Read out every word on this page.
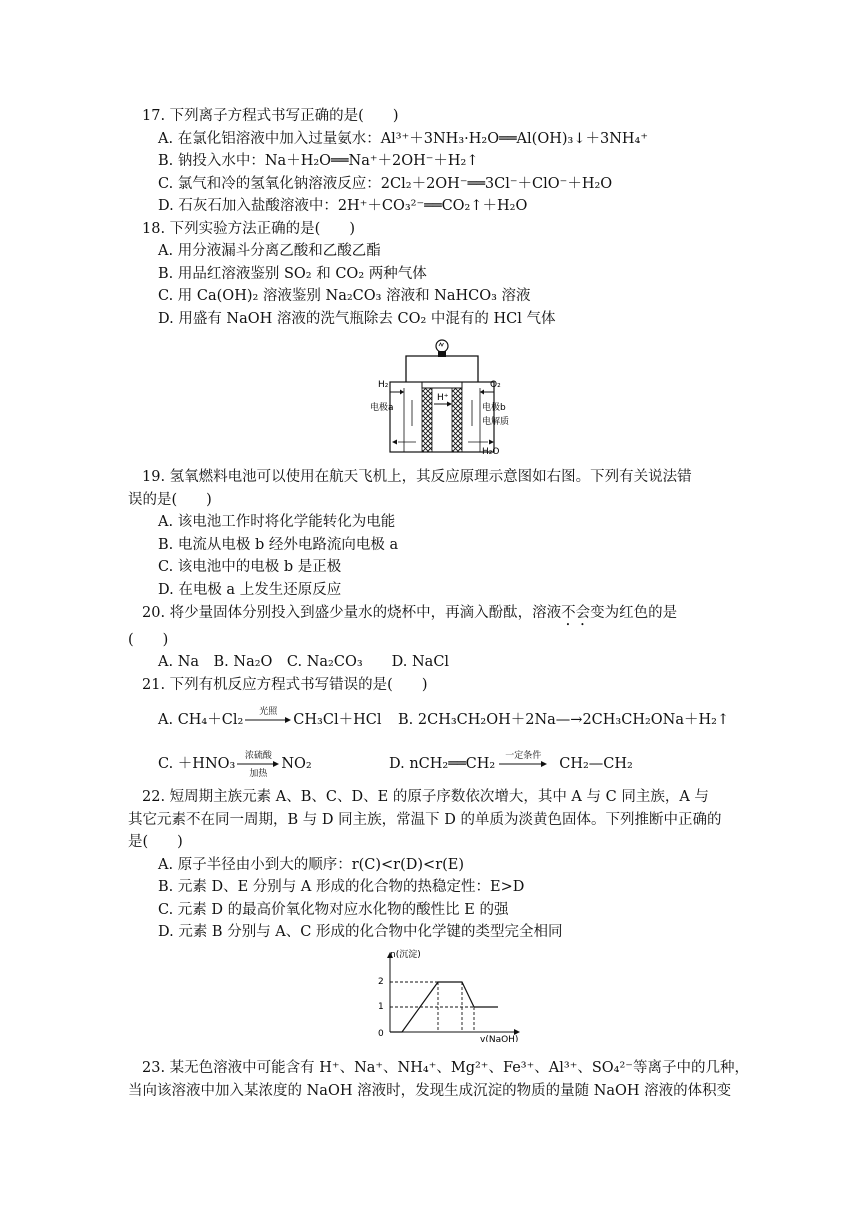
17. 下列离子方程式书写正确的是(　　)
A. 在氯化铝溶液中加入过量氨水：Al³⁺＋3NH₃·H₂O══Al(OH)₃↓＋3NH₄⁺
B. 钠投入水中：Na＋H₂O══Na⁺＋2OH⁻＋H₂↑
C. 氯气和冷的氢氧化钠溶液反应：2Cl₂＋2OH⁻══3Cl⁻＋ClO⁻＋H₂O
D. 石灰石加入盐酸溶液中：2H⁺＋CO₃²⁻══CO₂↑＋H₂O
18. 下列实验方法正确的是(　　)
A. 用分液漏斗分离乙酸和乙酸乙酯
B. 用品红溶液鉴别 SO₂ 和 CO₂ 两种气体
C. 用 Ca(OH)₂ 溶液鉴别 Na₂CO₃ 溶液和 NaHCO₃ 溶液
D. 用盛有 NaOH 溶液的洗气瓶除去 CO₂ 中混有的 HCl 气体
H₂	O₂
H⁺
电极a	电极b
电解质
H₂O
19. 氢氧燃料电池可以使用在航天飞机上，其反应原理示意图如右图。下列有关说法错
误的是(　　)
A. 该电池工作时将化学能转化为电能
B. 电流从电极 b 经外电路流向电极 a
C. 该电池中的电极 b 是正极
D. 在电极 a 上发生还原反应
20. 将少量固体分别投入到盛少量水的烧杯中，再滴入酚酞，溶液不会变为红色的是
(　　)
A. Na　B. Na₂O　C. Na₂CO₃　　D. NaCl
21. 下列有机反应方程式书写错误的是(　　)
A. CH₄＋Cl₂	光照	CH₃Cl＋HCl B. 2CH₃CH₂OH＋2Na—→2CH₃CH₂ONa＋H₂↑
C. ＋HNO₃	浓硫酸
加热
NO₂	D. nCH₂══CH₂	一定条件	CH₂—CH₂
22. 短周期主族元素 A、B、C、D、E 的原子序数依次增大，其中 A 与 C 同主族，A 与
其它元素不在同一周期，B 与 D 同主族，常温下 D 的单质为淡黄色固体。下列推断中正确的
是(　　)
A. 原子半径由小到大的顺序：r(C)<r(D)<r(E)
B. 元素 D、E 分别与 A 形成的化合物的热稳定性：E>D
C. 元素 D 的最高价氧化物对应水化物的酸性比 E 的强
D. 元素 B 分别与 A、C 形成的化合物中化学键的类型完全相同
n(沉淀)
v(NaOH)
0
1
2
23. 某无色溶液中可能含有 H⁺、Na⁺、NH₄⁺、Mg²⁺、Fe³⁺、Al³⁺、SO₄²⁻等离子中的几种，
当向该溶液中加入某浓度的 NaOH 溶液时，发现生成沉淀的物质的量随 NaOH 溶液的体积变
